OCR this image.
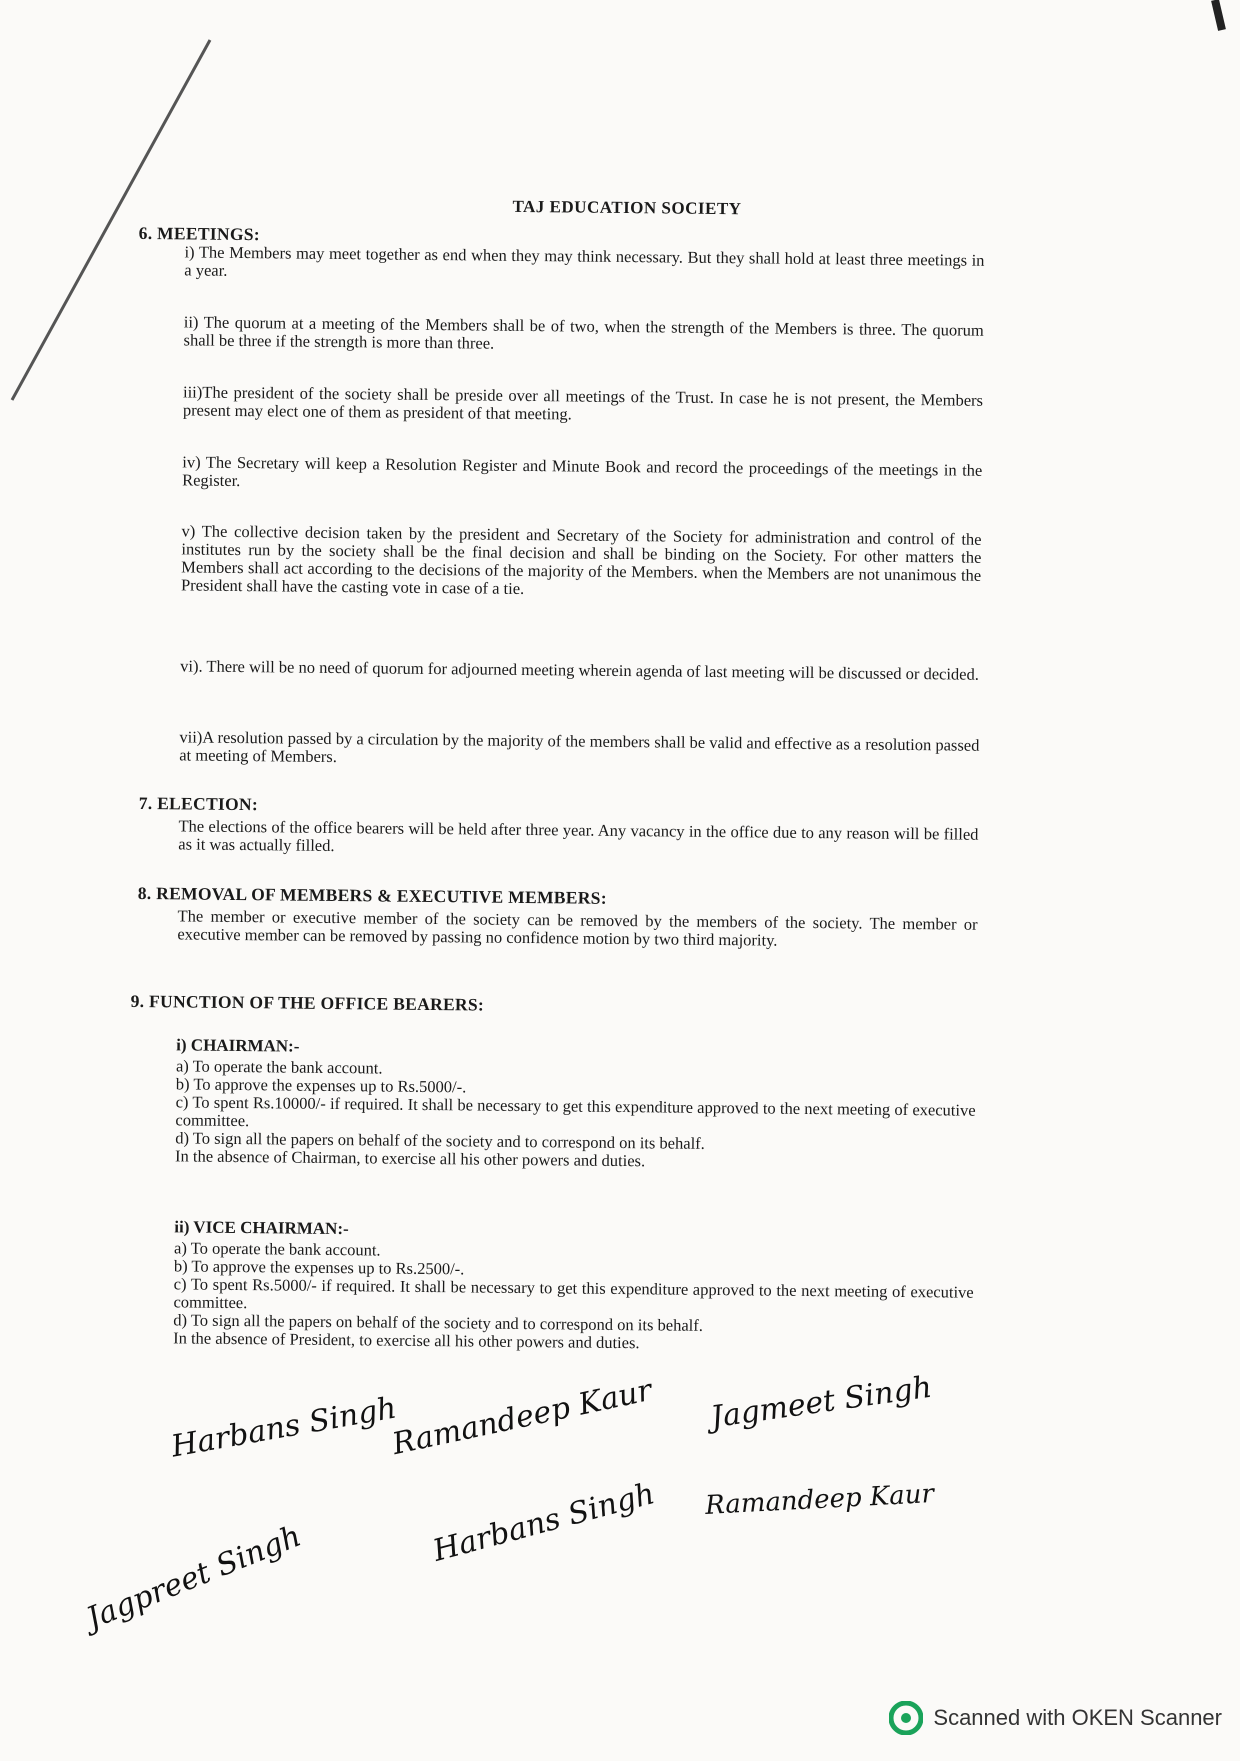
TAJ EDUCATION SOCIETY
6. MEETINGS:
i) The Members may meet together as end when they may think necessary. But they shall hold at least three meetings in a year.
ii) The quorum at a meeting of the Members shall be of two, when the strength of the Members is three. The quorum shall be three if the strength is more than three.
iii)The president of the society shall be preside over all meetings of the Trust. In case he is not present, the Members present may elect one of them as president of that meeting.
iv) The Secretary will keep a Resolution Register and Minute Book and record the proceedings of the meetings in the Register.
v) The collective decision taken by the president and Secretary of the Society for administration and control of the institutes run by the society shall be the final decision and shall be binding on the Society. For other matters the Members shall act according to the decisions of the majority of the Members. when the Members are not unanimous the President shall have the casting vote in case of a tie.
vi). There will be no need of quorum for adjourned meeting wherein agenda of last meeting will be discussed or decided.
vii)A resolution passed by a circulation by the majority of the members shall be valid and effective as a resolution passed at meeting of Members.
7. ELECTION:
The elections of the office bearers will be held after three year. Any vacancy in the office due to any reason will be filled as it was actually filled.
8. REMOVAL OF MEMBERS & EXECUTIVE MEMBERS:
The member or executive member of the society can be removed by the members of the society. The member or executive member can be removed by passing no confidence motion by two third majority.
9. FUNCTION OF THE OFFICE BEARERS:
i) CHAIRMAN:-
a) To operate the bank account.
b) To approve the expenses up to Rs.5000/-.
c) To spent Rs.10000/- if required. It shall be necessary to get this expenditure approved to the next meeting of executive committee.
d) To sign all the papers on behalf of the society and to correspond on its behalf.
In the absence of Chairman, to exercise all his other powers and duties.
ii) VICE CHAIRMAN:-
a) To operate the bank account.
b) To approve the expenses up to Rs.2500/-.
c) To spent Rs.5000/- if required. It shall be necessary to get this expenditure approved to the next meeting of executive committee.
d) To sign all the papers on behalf of the society and to correspond on its behalf.
In the absence of President, to exercise all his other powers and duties.
Harbans Singh
Ramandeep Kaur Jagmeet Singh
Ramandeep Kaur
Harbans Singh
Jagpreet Singh
Scanned with OKEN Scanner
